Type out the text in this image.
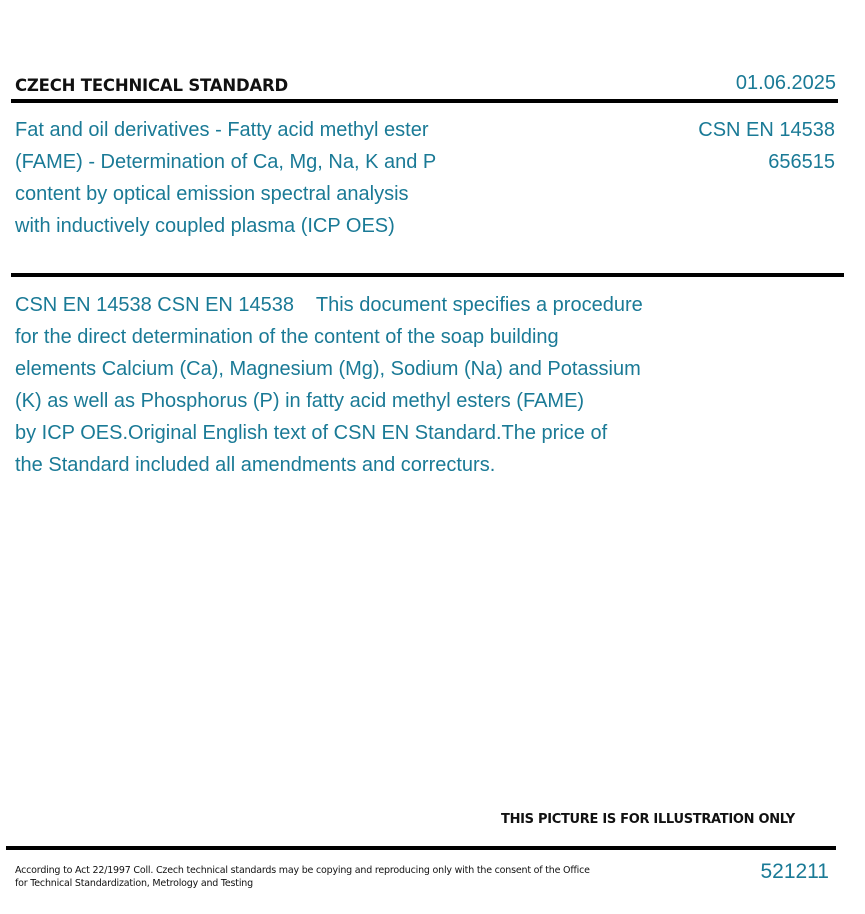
CZECH TECHNICAL STANDARD	01.06.2025
Fat and oil derivatives - Fatty acid methyl ester
(FAME) - Determination of Ca, Mg, Na, K and P
content by optical emission spectral analysis
with inductively coupled plasma (ICP OES)
CSN EN 14538
656515
CSN EN 14538 CSN EN 14538    This document specifies a procedure
for the direct determination of the content of the soap building
elements Calcium (Ca), Magnesium (Mg), Sodium (Na) and Potassium
(K) as well as Phosphorus (P) in fatty acid methyl esters (FAME)
by ICP OES.Original English text of CSN EN Standard.The price of
the Standard included all amendments and correcturs.
THIS PICTURE IS FOR ILLUSTRATION ONLY
According to Act 22/1997 Coll. Czech technical standards may be copying and reproducing only with the consent of the Office
for Technical Standardization, Metrology and Testing
521211
